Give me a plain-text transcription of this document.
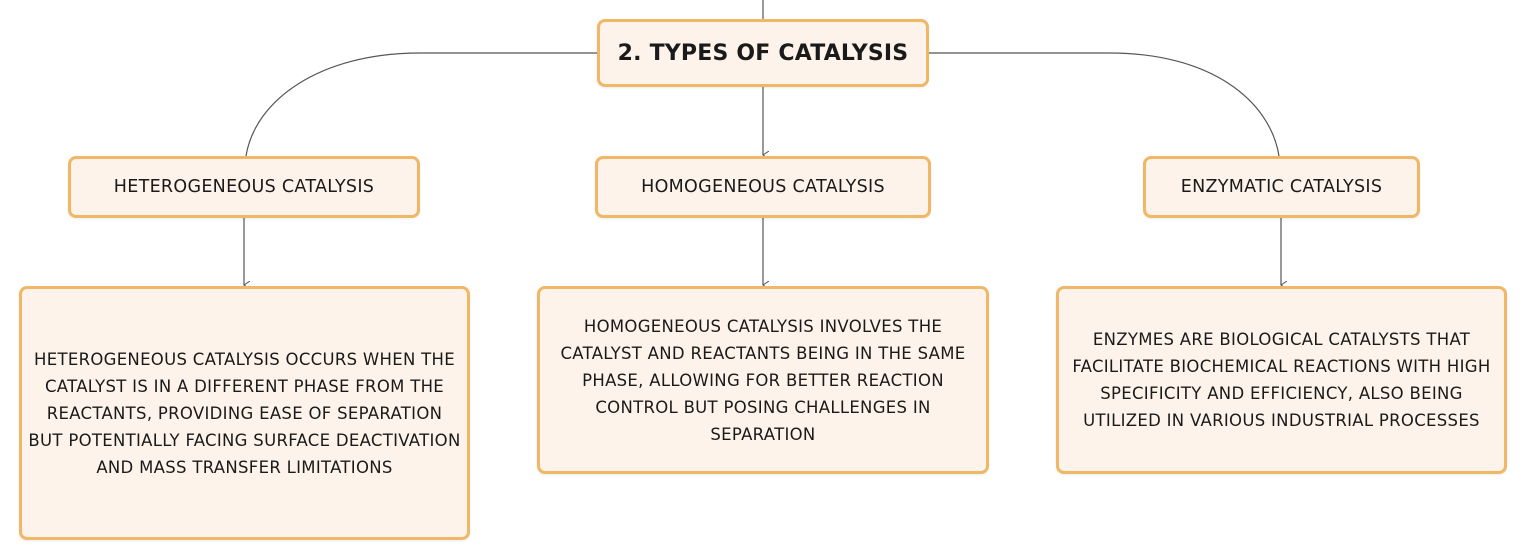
2. TYPES OF CATALYSIS
HETEROGENEOUS CATALYSIS	HOMOGENEOUS CATALYSIS	ENZYMATIC CATALYSIS
HETEROGENEOUS CATALYSIS OCCURS WHEN THE CATALYST IS IN A DIFFERENT PHASE FROM THE REACTANTS, PROVIDING EASE OF SEPARATION BUT POTENTIALLY FACING SURFACE DEACTIVATION AND MASS TRANSFER LIMITATIONS
HOMOGENEOUS CATALYSIS INVOLVES THE CATALYST AND REACTANTS BEING IN THE SAME PHASE, ALLOWING FOR BETTER REACTION CONTROL BUT POSING CHALLENGES IN SEPARATION
ENZYMES ARE BIOLOGICAL CATALYSTS THAT FACILITATE BIOCHEMICAL REACTIONS WITH HIGH SPECIFICITY AND EFFICIENCY, ALSO BEING UTILIZED IN VARIOUS INDUSTRIAL PROCESSES
